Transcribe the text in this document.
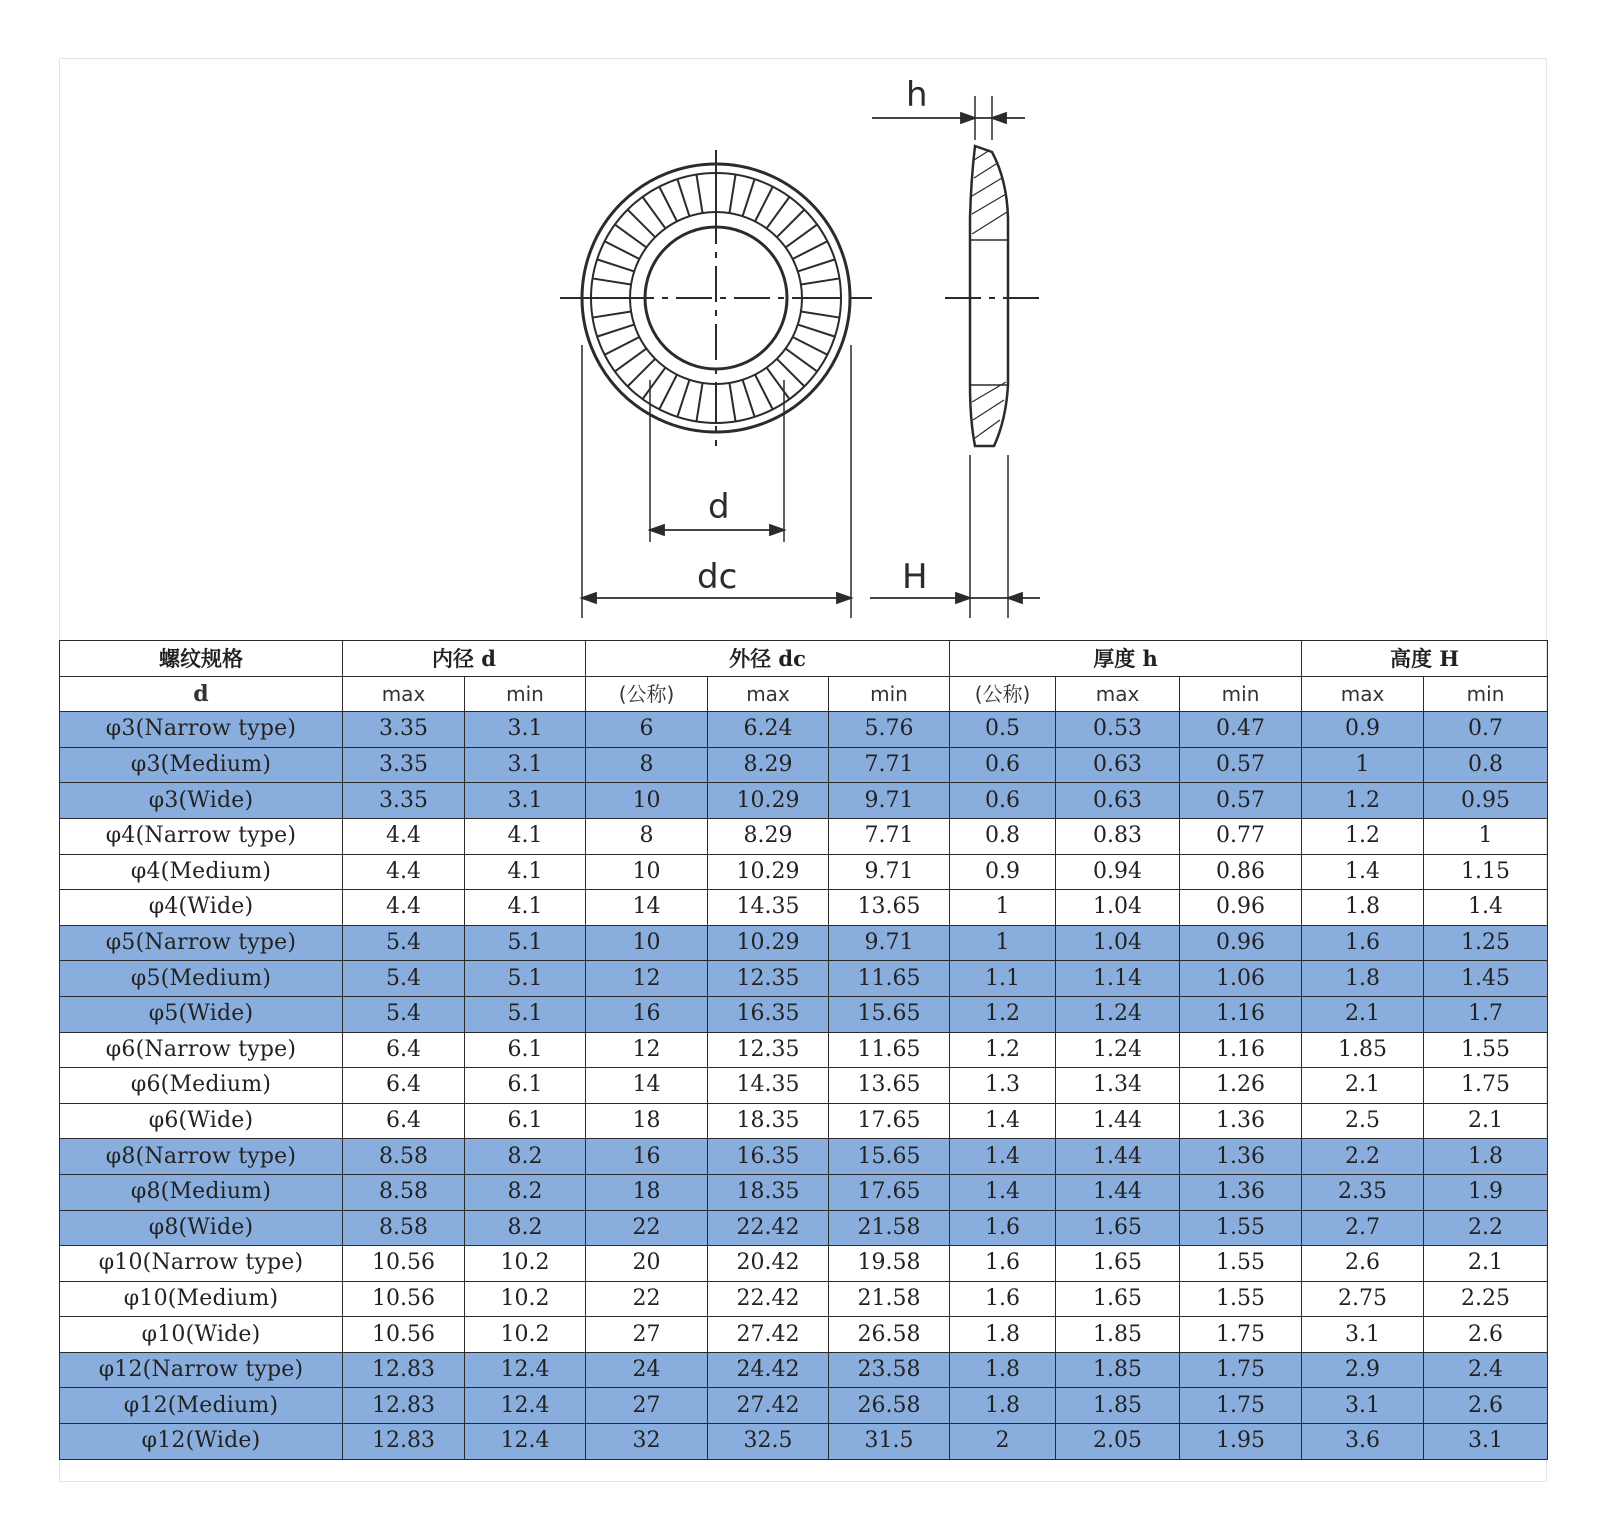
h
H
d
dc
螺纹规格	内径 d		外径 dc			厚度 h			高度 H	
d	max	min	(公称)	max	min	(公称)	max	min	max	min
φ3(Narrow type)	3.35	3.1	6	6.24	5.76	0.5	0.53	0.47	0.9	0.7
φ3(Medium)	3.35	3.1	8	8.29	7.71	0.6	0.63	0.57	1	0.8
φ3(Wide)	3.35	3.1	10	10.29	9.71	0.6	0.63	0.57	1.2	0.95
φ4(Narrow type)	4.4	4.1	8	8.29	7.71	0.8	0.83	0.77	1.2	1
φ4(Medium)	4.4	4.1	10	10.29	9.71	0.9	0.94	0.86	1.4	1.15
φ4(Wide)	4.4	4.1	14	14.35	13.65	1	1.04	0.96	1.8	1.4
φ5(Narrow type)	5.4	5.1	10	10.29	9.71	1	1.04	0.96	1.6	1.25
φ5(Medium)	5.4	5.1	12	12.35	11.65	1.1	1.14	1.06	1.8	1.45
φ5(Wide)	5.4	5.1	16	16.35	15.65	1.2	1.24	1.16	2.1	1.7
φ6(Narrow type)	6.4	6.1	12	12.35	11.65	1.2	1.24	1.16	1.85	1.55
φ6(Medium)	6.4	6.1	14	14.35	13.65	1.3	1.34	1.26	2.1	1.75
φ6(Wide)	6.4	6.1	18	18.35	17.65	1.4	1.44	1.36	2.5	2.1
φ8(Narrow type)	8.58	8.2	16	16.35	15.65	1.4	1.44	1.36	2.2	1.8
φ8(Medium)	8.58	8.2	18	18.35	17.65	1.4	1.44	1.36	2.35	1.9
φ8(Wide)	8.58	8.2	22	22.42	21.58	1.6	1.65	1.55	2.7	2.2
φ10(Narrow type)	10.56	10.2	20	20.42	19.58	1.6	1.65	1.55	2.6	2.1
φ10(Medium)	10.56	10.2	22	22.42	21.58	1.6	1.65	1.55	2.75	2.25
φ10(Wide)	10.56	10.2	27	27.42	26.58	1.8	1.85	1.75	3.1	2.6
φ12(Narrow type)	12.83	12.4	24	24.42	23.58	1.8	1.85	1.75	2.9	2.4
φ12(Medium)	12.83	12.4	27	27.42	26.58	1.8	1.85	1.75	3.1	2.6
φ12(Wide)	12.83	12.4	32	32.5	31.5	2	2.05	1.95	3.6	3.1
